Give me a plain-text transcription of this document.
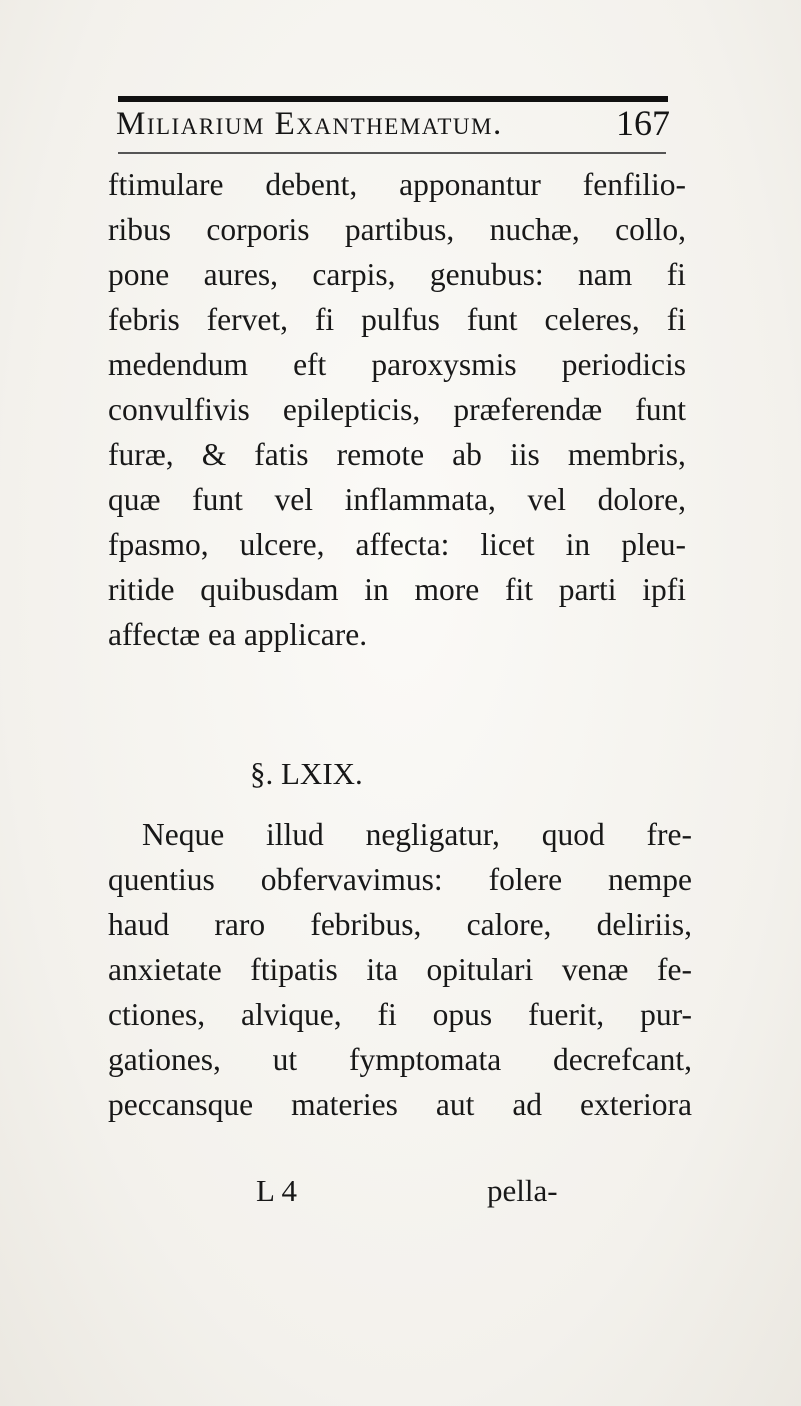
Miliarium Exanthematum.	167
ftimulare debent, apponantur fenfilio-
ribus corporis partibus, nuchæ, collo,
pone aures, carpis, genubus: nam fi
febris fervet, fi pulfus funt celeres, fi
medendum eft paroxysmis periodicis
convulfivis epilepticis, præferendæ funt
furæ, & fatis remote ab iis membris,
quæ funt vel inflammata, vel dolore,
fpasmo, ulcere, affecta: licet in pleu-
ritide quibusdam in more fit parti ipfi
affectæ ea applicare.
§. LXIX.
Neque illud negligatur, quod fre-
quentius obfervavimus: folere nempe
haud raro febribus, calore, deliriis,
anxietate ftipatis ita opitulari venæ fe-
ctiones, alvique, fi opus fuerit, pur-
gationes, ut fymptomata decrefcant,
peccansque materies aut ad exteriora
L 4	pella-
